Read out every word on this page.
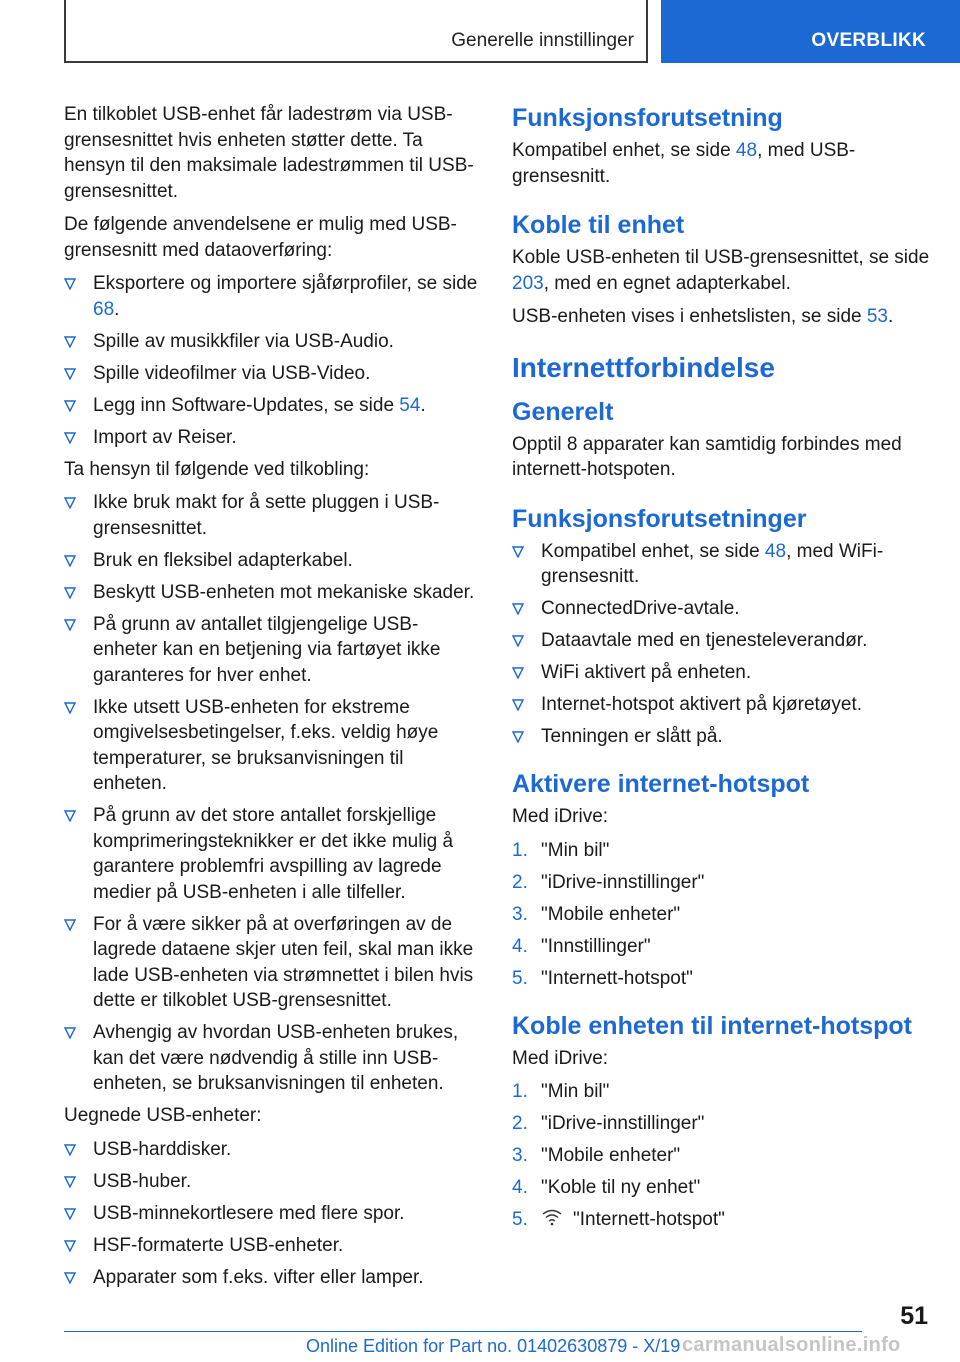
Generelle innstillinger	OVERBLIKK

En tilkoblet USB-enhet får ladestrøm via USB-grensesnittet hvis enheten støtter dette. Ta hensyn til den maksimale ladestrømmen til USB-grensesnittet.

De følgende anvendelsene er mulig med USB-grensesnitt med dataoverføring:

Eksportere og importere sjåførprofiler, se side 68.
Spille av musikkfiler via USB-Audio.
Spille videofilmer via USB-Video.
Legg inn Software-Updates, se side 54.
Import av Reiser.

Ta hensyn til følgende ved tilkobling:

Ikke bruk makt for å sette pluggen i USB-grensesnittet.
Bruk en fleksibel adapterkabel.
Beskytt USB-enheten mot mekaniske skader.
På grunn av antallet tilgjengelige USB-enheter kan en betjening via fartøyet ikke garanteres for hver enhet.
Ikke utsett USB-enheten for ekstreme omgivelsesbetingelser, f.eks. veldig høye temperaturer, se bruksanvisningen til enheten.
På grunn av det store antallet forskjellige komprimeringsteknikker er det ikke mulig å garantere problemfri avspilling av lagrede medier på USB-enheten i alle tilfeller.
For å være sikker på at overføringen av de lagrede dataene skjer uten feil, skal man ikke lade USB-enheten via strømnettet i bilen hvis dette er tilkoblet USB-grensesnittet.
Avhengig av hvordan USB-enheten brukes, kan det være nødvendig å stille inn USB-enheten, se bruksanvisningen til enheten.

Uegnede USB-enheter:

USB-harddisker.
USB-huber.
USB-minnekortlesere med flere spor.
HSF-formaterte USB-enheter.
Apparater som f.eks. vifter eller lamper.
Funksjonsforutsetning

Kompatibel enhet, se side 48, med USB-grensesnitt.

Koble til enhet

Koble USB-enheten til USB-grensesnittet, se side 203, med en egnet adapterkabel.

USB-enheten vises i enhetslisten, se side 53.

Internettforbindelse
Generelt

Opptil 8 apparater kan samtidig forbindes med internett-hotspoten.

Funksjonsforutsetninger
Kompatibel enhet, se side 48, med WiFi-grensesnitt.
ConnectedDrive-avtale.
Dataavtale med en tjenesteleverandør.
WiFi aktivert på enheten.
Internet-hotspot aktivert på kjøretøyet.
Tenningen er slått på.
Aktivere internet-hotspot

Med iDrive:

1. "Min bil"
2. "iDrive-innstillinger"
3. "Mobile enheter"
4. "Innstillinger"
5. "Internett-hotspot"
Koble enheten til internet-hotspot

Med iDrive:

1. "Min bil"
2. "iDrive-innstillinger"
3. "Mobile enheter"
4. "Koble til ny enhet"
5. "Internett-hotspot"
51
Online Edition for Part no. 01402630879 - X/19 carmanualsonline.info
